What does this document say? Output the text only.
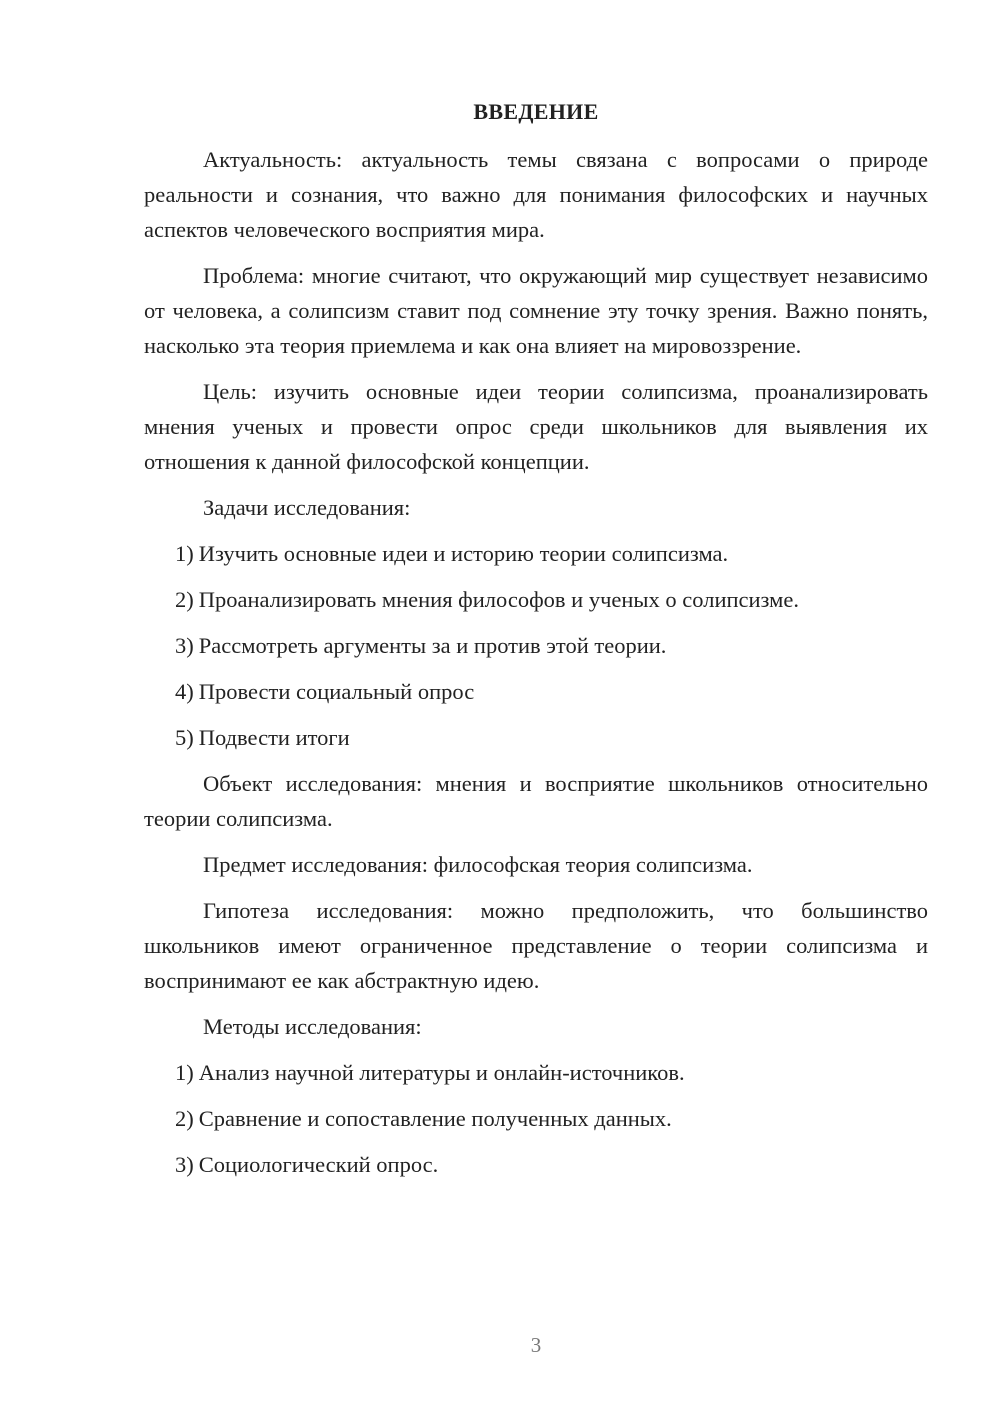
ВВЕДЕНИЕ

Актуальность: актуальность темы связана с вопросами о природе реальности и сознания, что важно для понимания философских и научных аспектов человеческого восприятия мира.

Проблема: многие считают, что окружающий мир существует независимо от человека, а солипсизм ставит под сомнение эту точку зрения. Важно понять, насколько эта теория приемлема и как она влияет на мировоззрение.

Цель: изучить основные идеи теории солипсизма, проанализировать мнения ученых и провести опрос среди школьников для выявления их отношения к данной философской концепции.

Задачи исследования:

1) Изучить основные идеи и историю теории солипсизма.
2) Проанализировать мнения философов и ученых о солипсизме.
3) Рассмотреть аргументы за и против этой теории.
4) Провести социальный опрос
5) Подвести итоги

Объект исследования: мнения и восприятие школьников относительно теории солипсизма.

Предмет исследования: философская теория солипсизма.

Гипотеза исследования: можно предположить, что большинство школьников имеют ограниченное представление о теории солипсизма и воспринимают ее как абстрактную идею.

Методы исследования:

1) Анализ научной литературы и онлайн-источников.
2) Сравнение и сопоставление полученных данных.
3) Социологический опрос.
3
